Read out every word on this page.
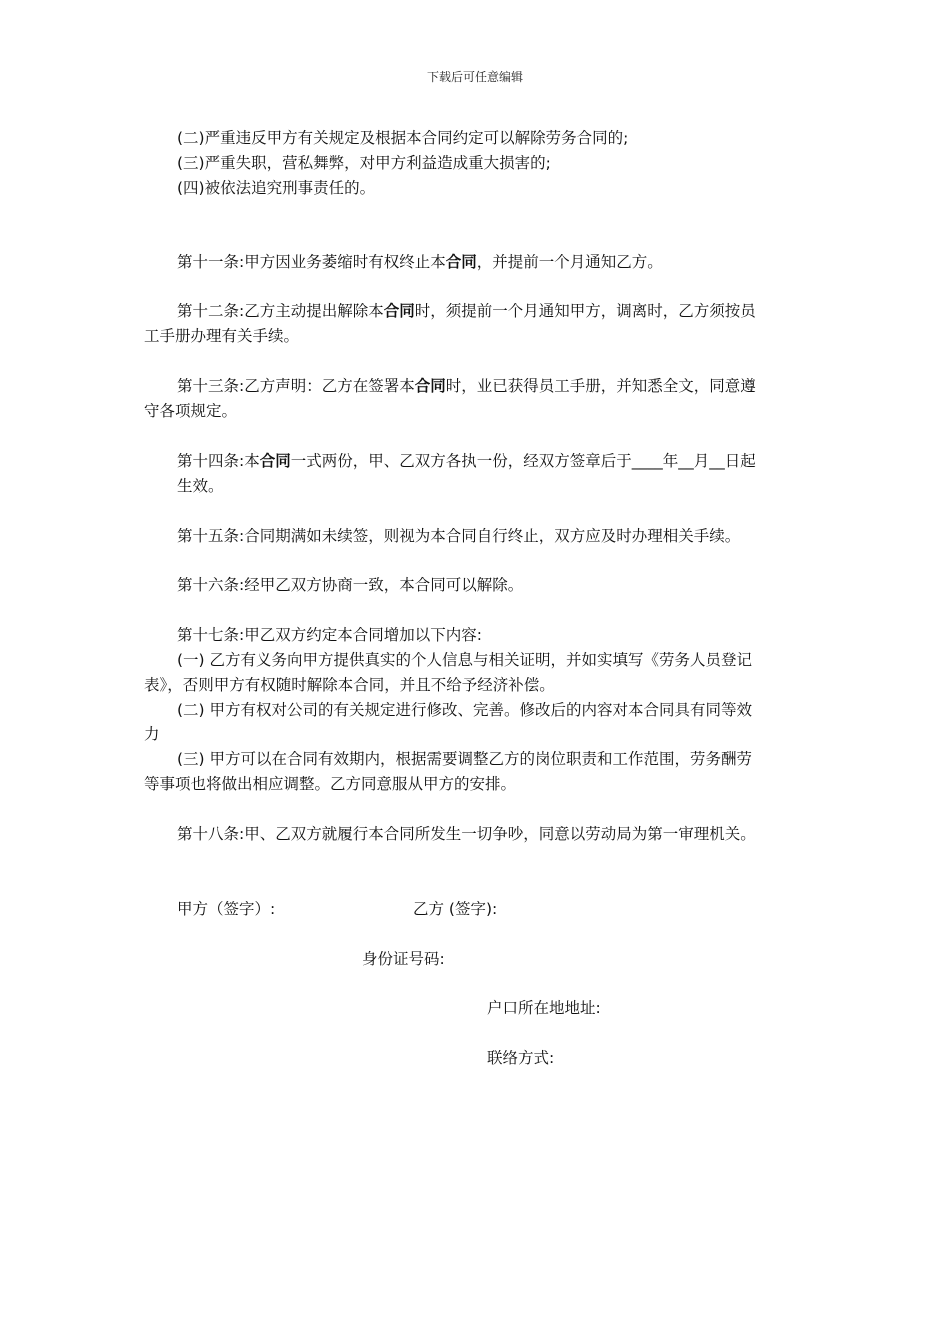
下载后可任意编辑
(二)严重违反甲方有关规定及根据本合同约定可以解除劳务合同的;
(三)严重失职，营私舞弊，对甲方利益造成重大损害的;
(四)被依法追究刑事责任的。
第十一条:甲方因业务萎缩时有权终止本合同，并提前一个月通知乙方。
第十二条:乙方主动提出解除本合同时，须提前一个月通知甲方，调离时，乙方须按员
工手册办理有关手续。
第十三条:乙方声明：乙方在签署本合同时，业已获得员工手册，并知悉全文，同意遵
守各项规定。
第十四条:本合同一式两份，甲、乙双方各执一份，经双方签章后于____年__月__日起
生效。
第十五条:合同期满如未续签，则视为本合同自行终止，双方应及时办理相关手续。
第十六条:经甲乙双方协商一致，本合同可以解除。
第十七条:甲乙双方约定本合同增加以下内容:
(一) 乙方有义务向甲方提供真实的个人信息与相关证明，并如实填写《劳务人员登记
表》，否则甲方有权随时解除本合同，并且不给予经济补偿。
(二) 甲方有权对公司的有关规定进行修改、完善。修改后的内容对本合同具有同等效
力
(三) 甲方可以在合同有效期内，根据需要调整乙方的岗位职责和工作范围，劳务酬劳
等事项也将做出相应调整。乙方同意服从甲方的安排。
第十八条:甲、乙双方就履行本合同所发生一切争吵，同意以劳动局为第一审理机关。
甲方（签字）:	乙方 (签字):
身份证号码:
户口所在地地址:
联络方式:
